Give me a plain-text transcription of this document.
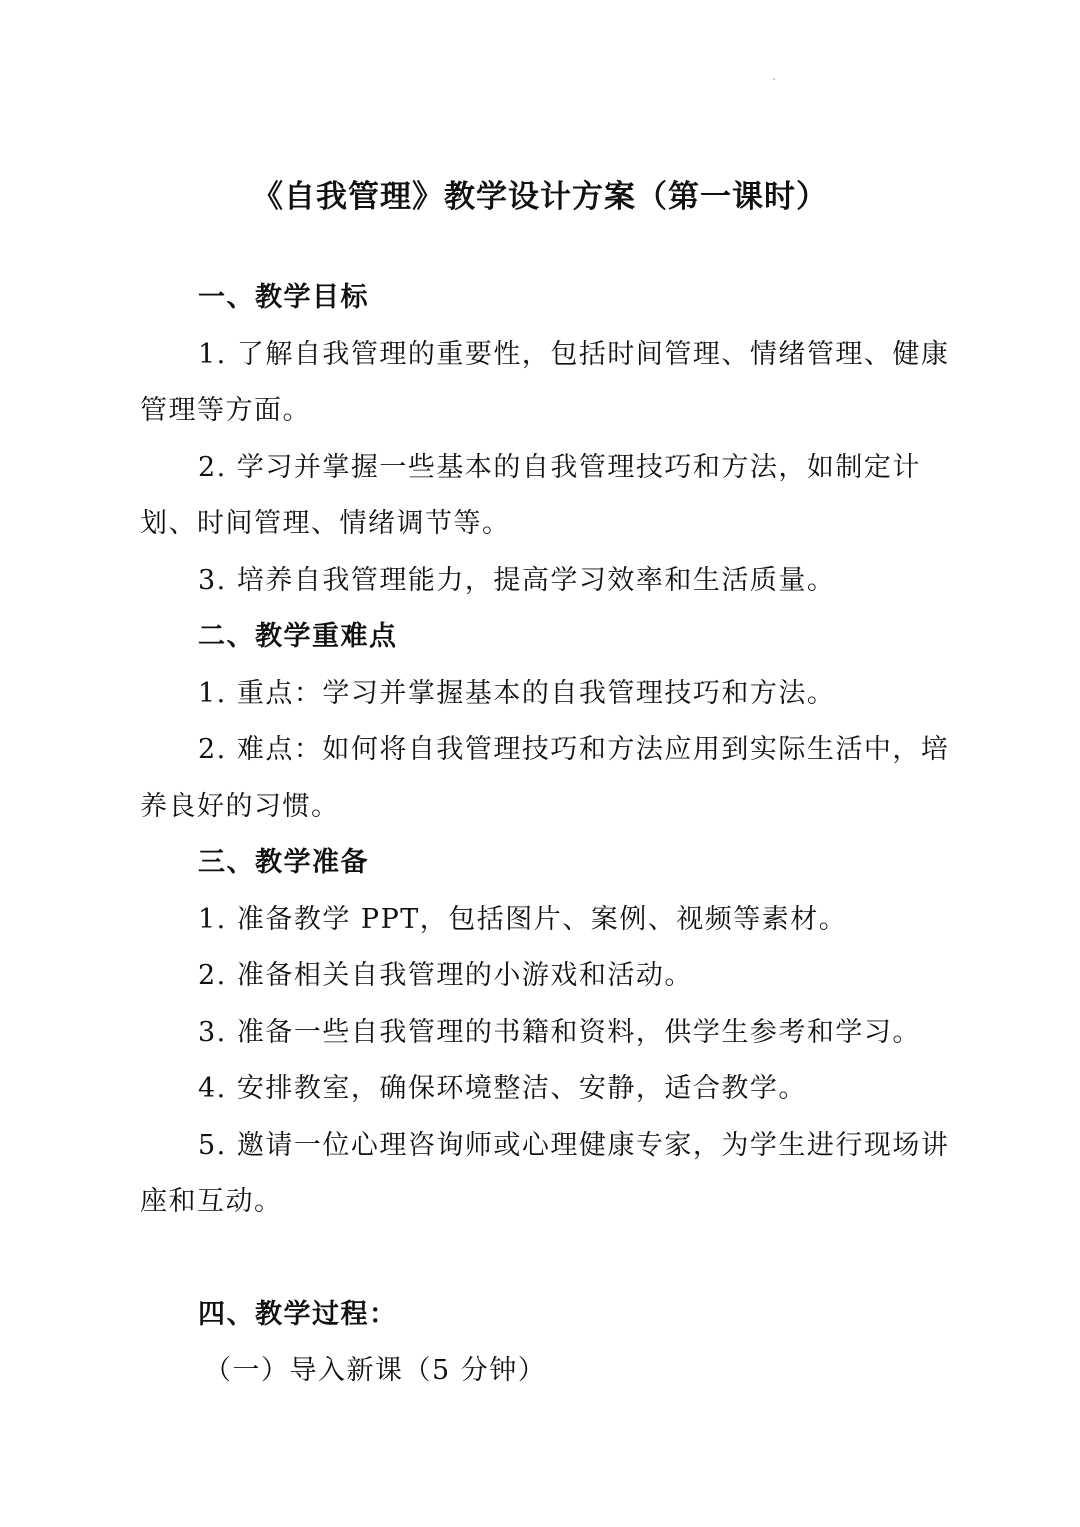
《自我管理》教学设计方案（第一课时）

一、教学目标

1. 了解自我管理的重要性，包括时间管理、情绪管理、健康管理等方面。

2. 学习并掌握一些基本的自我管理技巧和方法，如制定计划、时间管理、情绪调节等。

3. 培养自我管理能力，提高学习效率和生活质量。

二、教学重难点

1. 重点：学习并掌握基本的自我管理技巧和方法。

2. 难点：如何将自我管理技巧和方法应用到实际生活中，培养良好的习惯。

三、教学准备

1. 准备教学 PPT，包括图片、案例、视频等素材。

2. 准备相关自我管理的小游戏和活动。

3. 准备一些自我管理的书籍和资料，供学生参考和学习。

4. 安排教室，确保环境整洁、安静，适合教学。

5. 邀请一位心理咨询师或心理健康专家，为学生进行现场讲座和互动。

四、教学过程：

（一）导入新课（5 分钟）
